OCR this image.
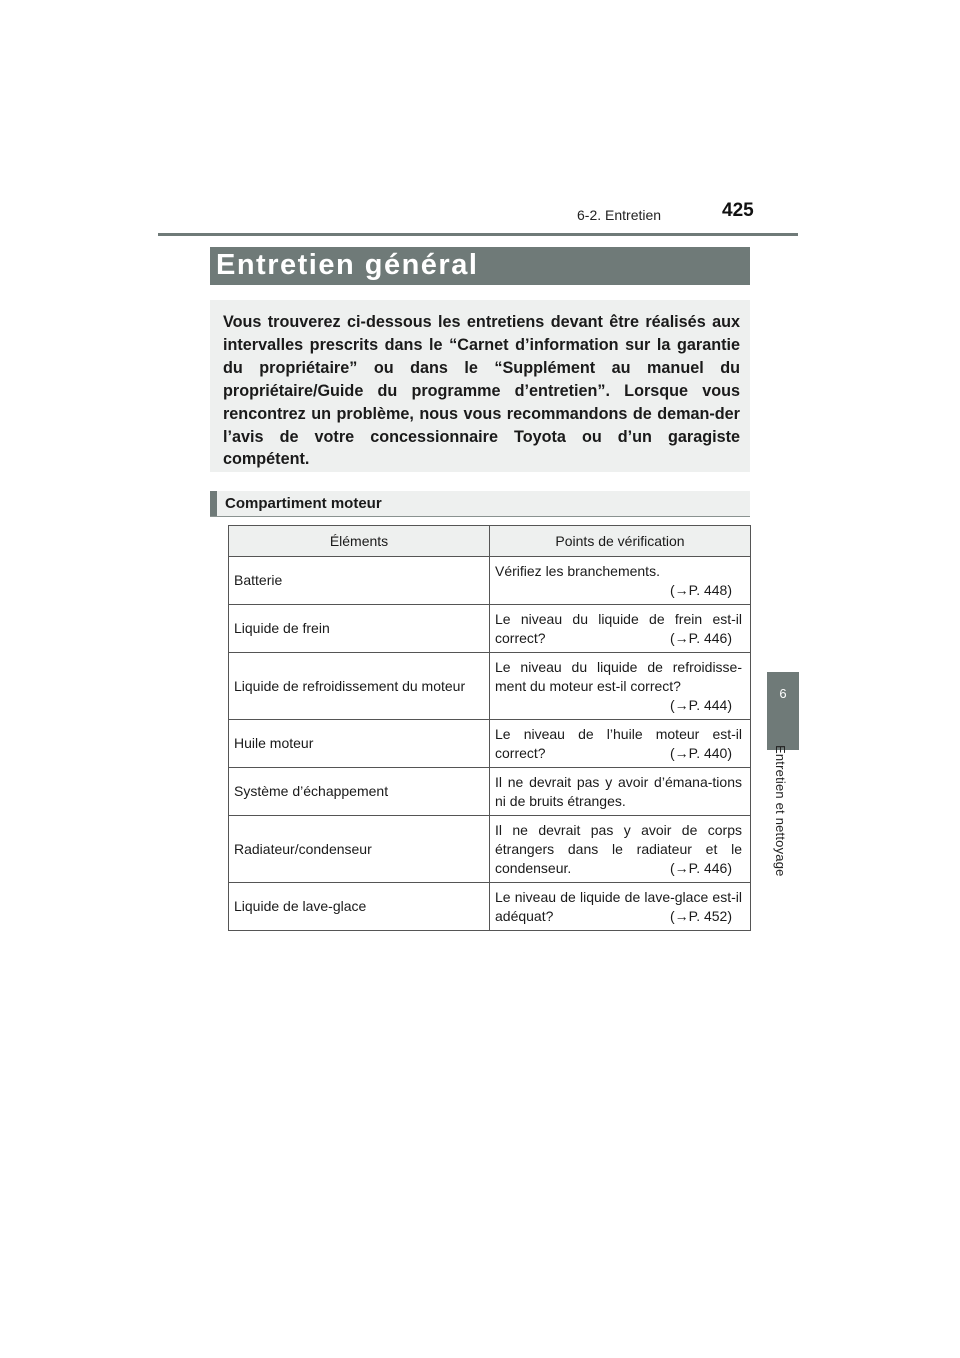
6-2. Entretien	425
6
Entretien et nettoyage
Entretien général

Vous trouverez ci-dessous les entretiens devant être réalisés aux intervalles prescrits dans le “Carnet d’information sur la garantie du propriétaire” ou dans le “Supplément au manuel du propriétaire/Guide du programme d’entretien”. Lorsque vous rencontrez un problème, nous vous recommandons de deman-der l’avis de votre concessionnaire Toyota ou d’un garagiste compétent.

Compartiment moteur
Éléments	Points de vérification
Batterie	Vérifiez les branchements.
(→P. 448)

Liquide de frein	Le niveau du liquide de frein est-il correct? (→P. 446)

Liquide de refroidissement du moteur	Le niveau du liquide de refroidisse-ment du moteur est-il correct?
(→P. 444)

Huile moteur	Le niveau de l’huile moteur est-il correct? (→P. 440)

Système d’échappement	Il ne devrait pas y avoir d’émana-tions ni de bruits étranges.
Radiateur/condenseur	Il ne devrait pas y avoir de corps étrangers dans le radiateur et le condenseur. (→P. 446)

Liquide de lave-glace	Le niveau de liquide de lave-glace est-il adéquat? (→P. 452)
